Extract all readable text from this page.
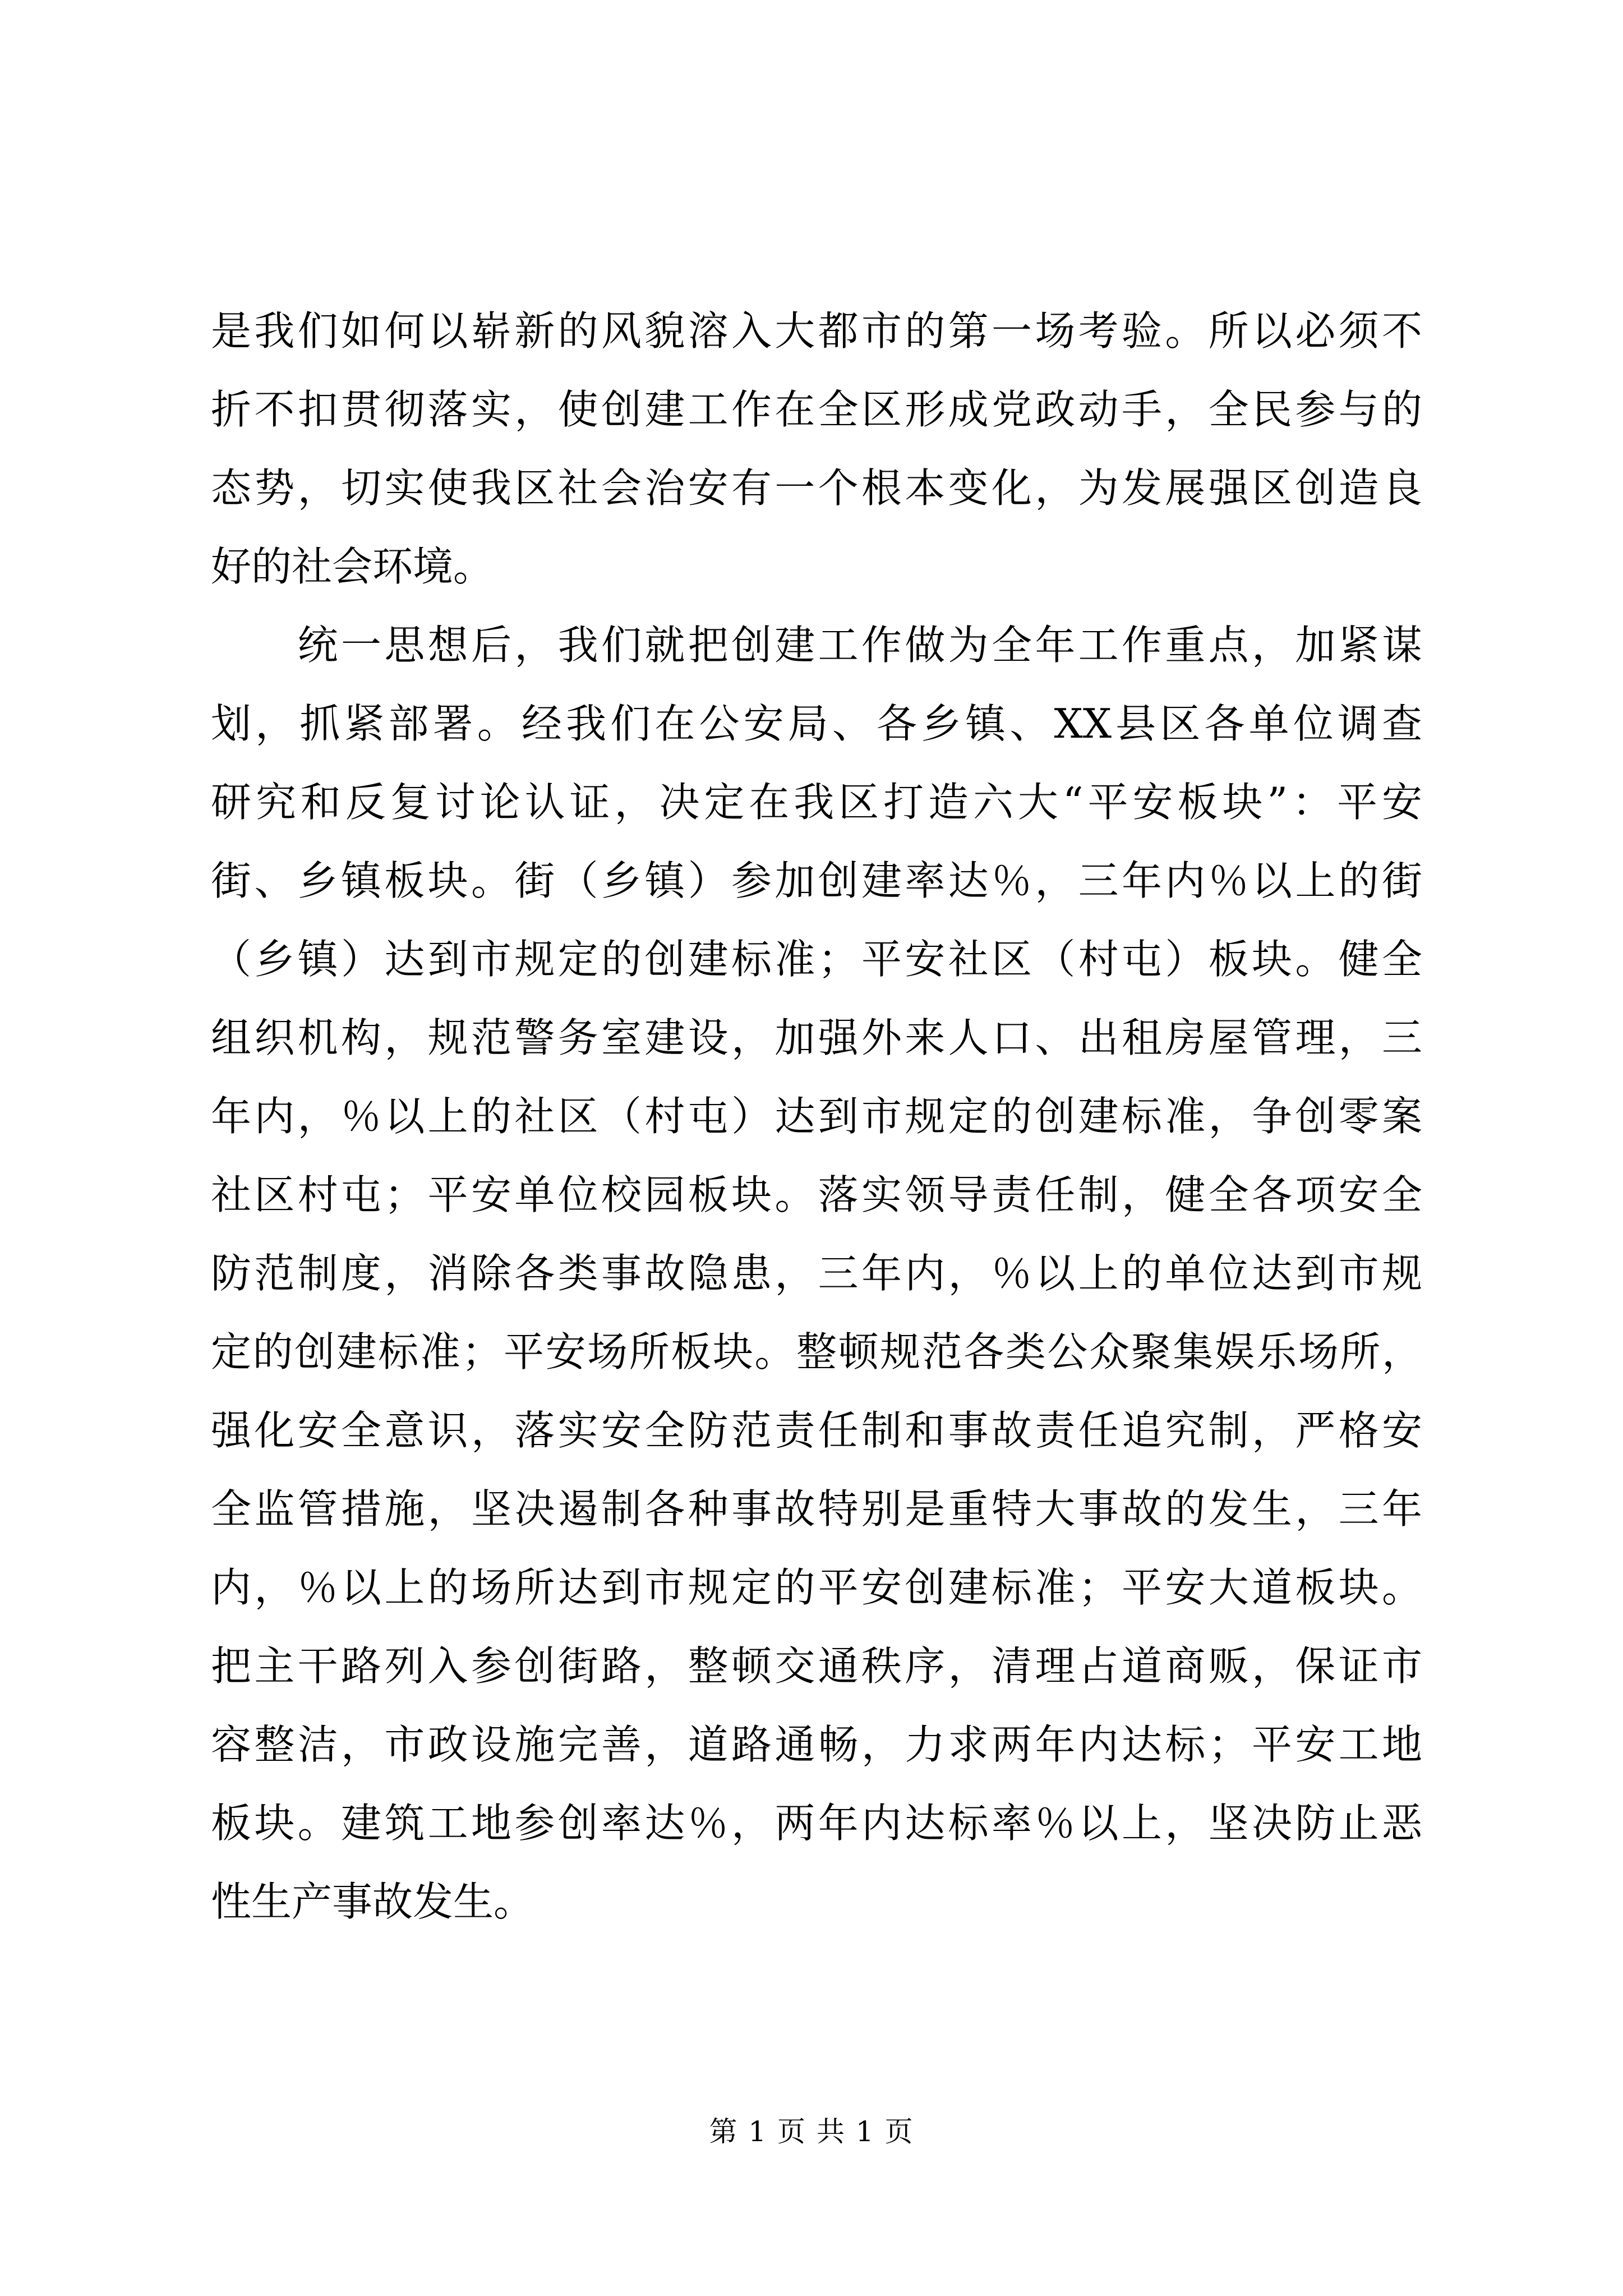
是我们如何以崭新的风貌溶入大都市的第一场考验。所以必须不
折不扣贯彻落实，使创建工作在全区形成党政动手，全民参与的
态势，切实使我区社会治安有一个根本变化，为发展强区创造良
好的社会环境。
　　统一思想后，我们就把创建工作做为全年工作重点，加紧谋
划，抓紧部署。经我们在公安局、各乡镇、XX县区各单位调查
研究和反复讨论认证，决定在我区打造六大“平安板块”：平安
街、乡镇板块。街（乡镇）参加创建率达％，三年内％以上的街
（乡镇）达到市规定的创建标准；平安社区（村屯）板块。健全
组织机构，规范警务室建设，加强外来人口、出租房屋管理，三
年内，％以上的社区（村屯）达到市规定的创建标准，争创零案
社区村屯；平安单位校园板块。落实领导责任制，健全各项安全
防范制度，消除各类事故隐患，三年内，％以上的单位达到市规
定的创建标准；平安场所板块。整顿规范各类公众聚集娱乐场所，
强化安全意识，落实安全防范责任制和事故责任追究制，严格安
全监管措施，坚决遏制各种事故特别是重特大事故的发生，三年
内，％以上的场所达到市规定的平安创建标准；平安大道板块。
把主干路列入参创街路，整顿交通秩序，清理占道商贩，保证市
容整洁，市政设施完善，道路通畅，力求两年内达标；平安工地
板块。建筑工地参创率达％，两年内达标率％以上，坚决防止恶
性生产事故发生。
第 1 页 共 1 页
